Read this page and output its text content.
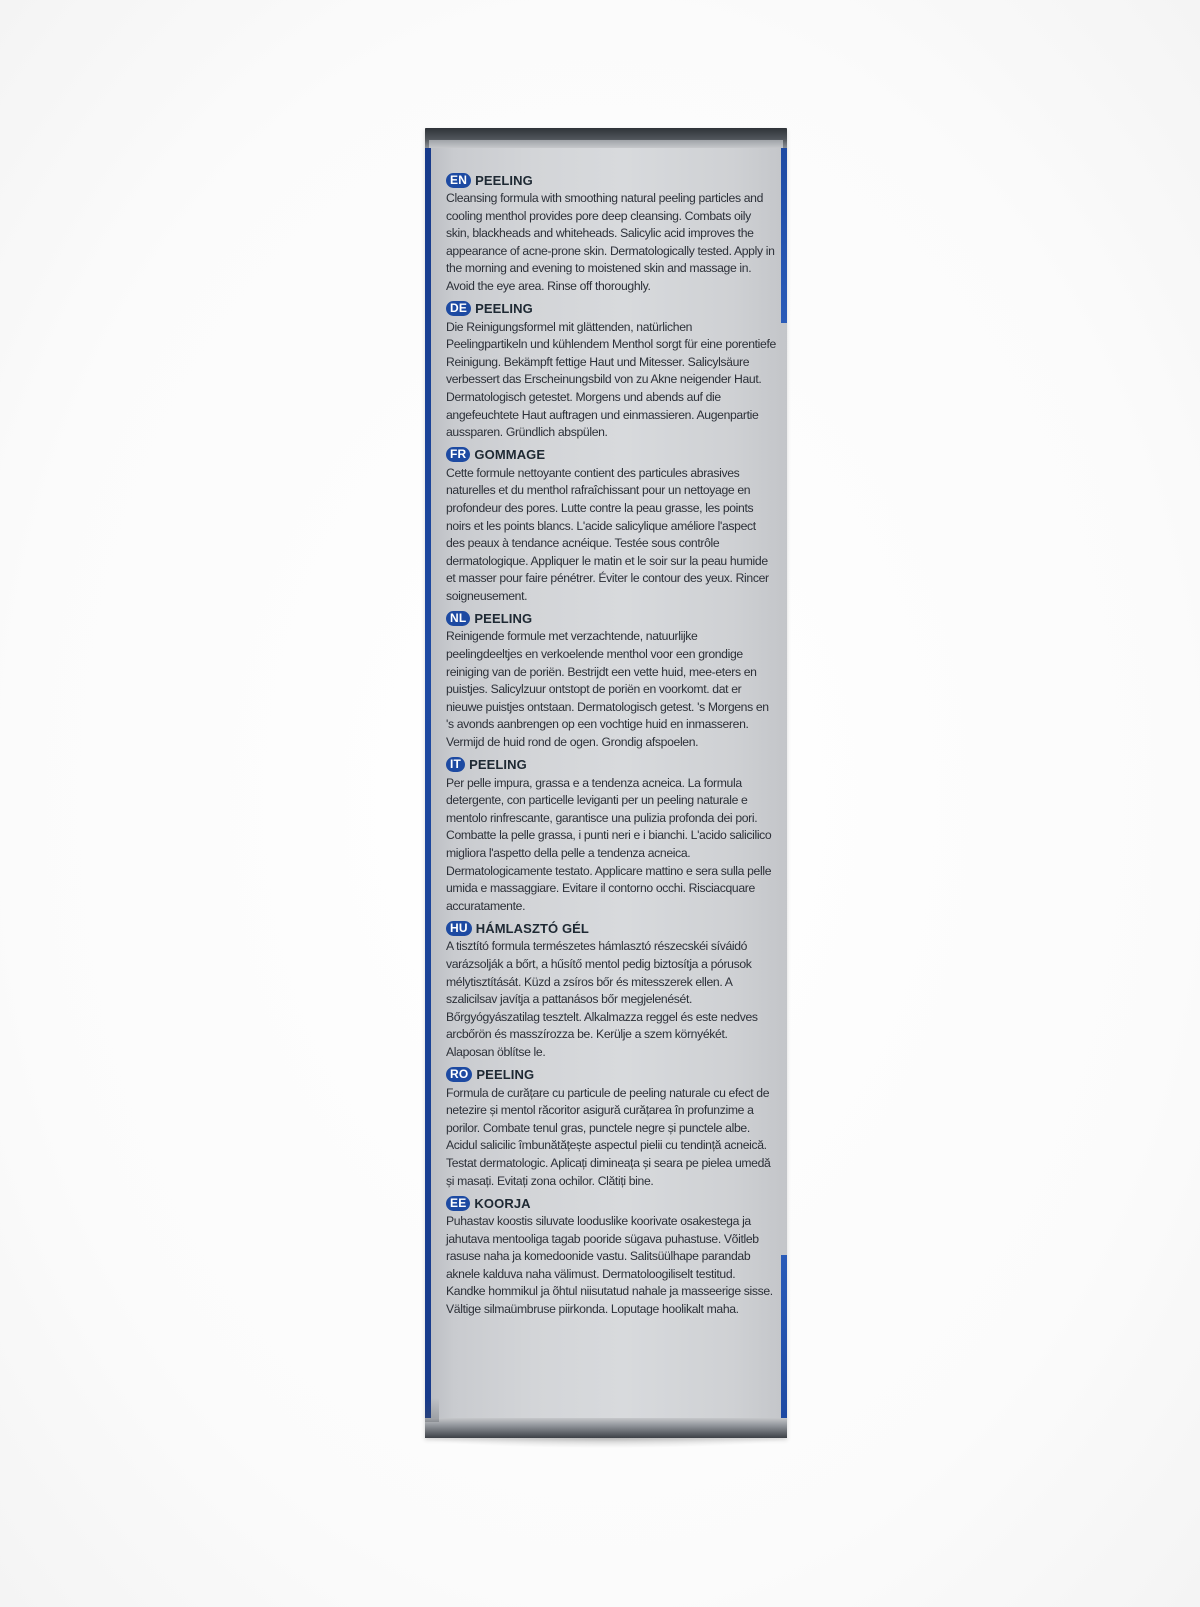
EN PEELING
Cleansing formula with smoothing natural peeling particles and cooling menthol provides pore deep cleansing. Combats oily skin, blackheads and whiteheads. Salicylic acid improves the appearance of acne-prone skin. Dermatologically tested. Apply in the morning and evening to moistened skin and massage in. Avoid the eye area. Rinse off thoroughly.
DE PEELING
Die Reinigungsformel mit glättenden, natürlichen Peelingpartikeln und kühlendem Menthol sorgt für eine porentiefe Reinigung. Bekämpft fettige Haut und Mitesser. Salicylsäure verbessert das Erscheinungsbild von zu Akne neigender Haut. Dermatologisch getestet. Morgens und abends auf die angefeuchtete Haut auftragen und einmassieren. Augenpartie aussparen. Gründlich abspülen.
FR GOMMAGE
Cette formule nettoyante contient des particules abrasives naturelles et du menthol rafraîchissant pour un nettoyage en profondeur des pores. Lutte contre la peau grasse, les points noirs et les points blancs. L'acide salicylique améliore l'aspect des peaux à tendance acnéique. Testée sous contrôle dermatologique. Appliquer le matin et le soir sur la peau humide et masser pour faire pénétrer. Éviter le contour des yeux. Rincer soigneusement.
NL PEELING
Reinigende formule met verzachtende, natuurlijke peelingdeeltjes en verkoelende menthol voor een grondige reiniging van de poriën. Bestrijdt een vette huid, mee-eters en puistjes. Salicylzuur ontstopt de poriën en voorkomt. dat er nieuwe puistjes ontstaan. Dermatologisch getest. 's Morgens en 's avonds aanbrengen op een vochtige huid en inmasseren. Vermijd de huid rond de ogen. Grondig afspoelen.
IT PEELING
Per pelle impura, grassa e a tendenza acneica. La formula detergente, con particelle leviganti per un peeling naturale e mentolo rinfrescante, garantisce una pulizia profonda dei pori. Combatte la pelle grassa, i punti neri e i bianchi. L'acido salicilico migliora l'aspetto della pelle a tendenza acneica. Dermatologicamente testato. Applicare mattino e sera sulla pelle umida e massaggiare. Evitare il contorno occhi. Risciacquare accuratamente.
HU HÁMLASZTÓ GÉL
A tisztító formula természetes hámlasztó részecskéi síváidó varázsolják a bőrt, a hűsítő mentol pedig biztosítja a pórusok mélytisztítását. Küzd a zsíros bőr és mitesszerek ellen. A szalicilsav javítja a pattanásos bőr megjelenését. Bőrgyógyászatilag tesztelt. Alkalmazza reggel és este nedves arcbőrön és masszírozza be. Kerülje a szem környékét. Alaposan öblítse le.
RO PEELING
Formula de curățare cu particule de peeling naturale cu efect de netezire și mentol răcoritor asigură curățarea în profunzime a porilor. Combate tenul gras, punctele negre și punctele albe. Acidul salicilic îmbunătățește aspectul pielii cu tendință acneică. Testat dermatologic. Aplicați dimineața și seara pe pielea umedă și masați. Evitați zona ochilor. Clătiți bine.
EE KOORJA
Puhastav koostis siluvate looduslike koorivate osakestega ja jahutava mentooliga tagab pooride sügava puhastuse. Võitleb rasuse naha ja komedoonide vastu. Salitsüülhape parandab aknele kalduva naha välimust. Dermatoloogiliselt testitud. Kandke hommikul ja õhtul niisutatud nahale ja masseerige sisse. Vältige silmaümbruse piirkonda. Loputage hoolikalt maha.
